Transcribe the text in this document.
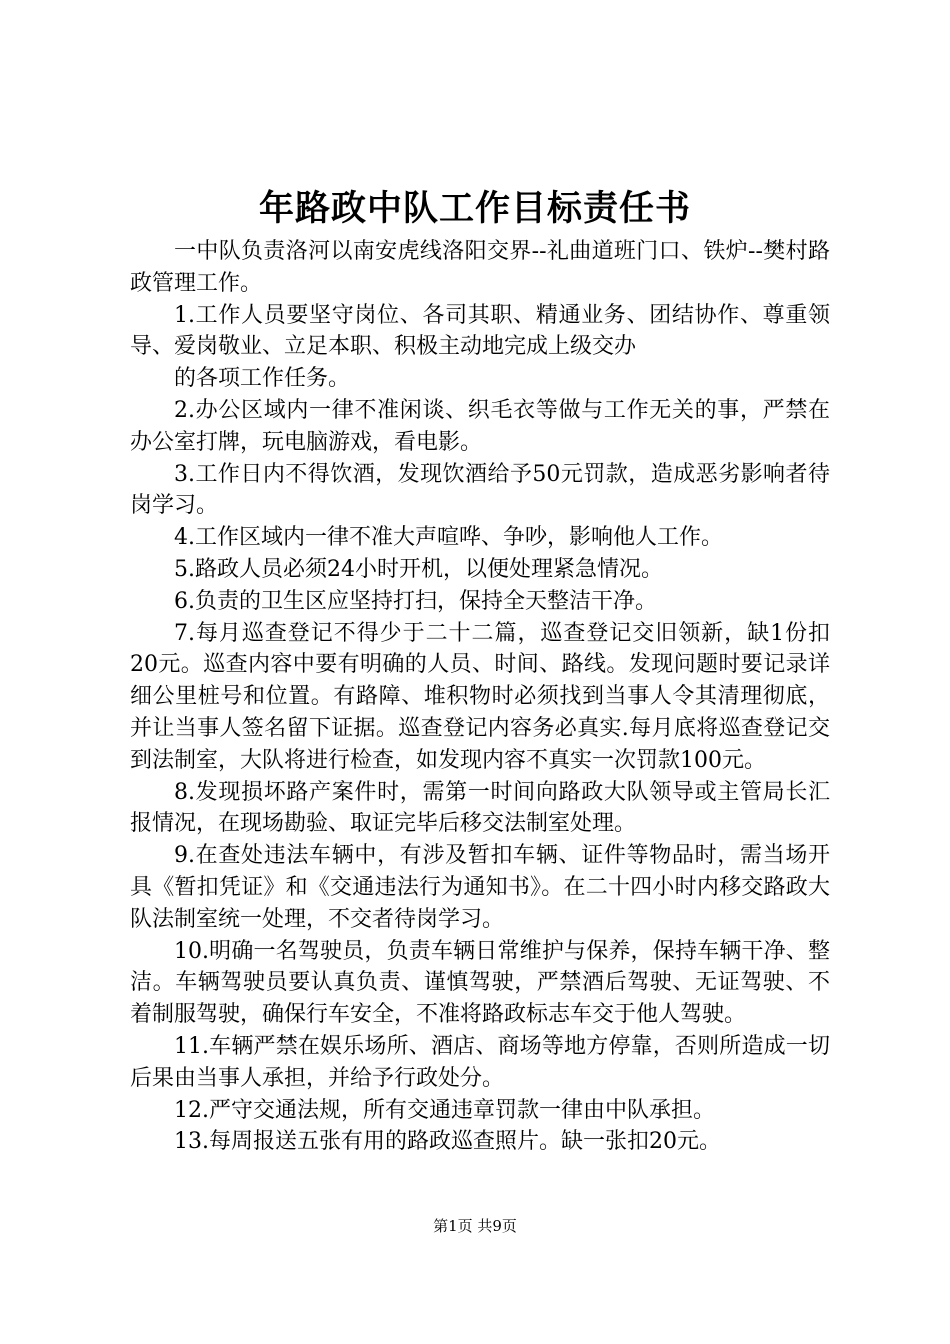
年路政中队工作目标责任书

一中队负责洛河以南安虎线洛阳交界--礼曲道班门口、铁炉--樊村路政管理工作。

1.工作人员要坚守岗位、各司其职、精通业务、团结协作、尊重领导、爱岗敬业、立足本职、积极主动地完成上级交办

的各项工作任务。

2.办公区域内一律不准闲谈、织毛衣等做与工作无关的事，严禁在办公室打牌，玩电脑游戏，看电影。

3.工作日内不得饮酒，发现饮酒给予50元罚款，造成恶劣影响者待岗学习。

4.工作区域内一律不准大声喧哗、争吵，影响他人工作。

5.路政人员必须24小时开机，以便处理紧急情况。

6.负责的卫生区应坚持打扫，保持全天整洁干净。

7.每月巡查登记不得少于二十二篇，巡查登记交旧领新，缺1份扣20元。巡查内容中要有明确的人员、时间、路线。发现问题时要记录详细公里桩号和位置。有路障、堆积物时必须找到当事人令其清理彻底，并让当事人签名留下证据。巡查登记内容务必真实.每月底将巡查登记交到法制室，大队将进行检查，如发现内容不真实一次罚款100元。

8.发现损坏路产案件时，需第一时间向路政大队领导或主管局长汇报情况，在现场勘验、取证完毕后移交法制室处理。

9.在查处违法车辆中，有涉及暂扣车辆、证件等物品时，需当场开具《暂扣凭证》和《交通违法行为通知书》。在二十四小时内移交路政大队法制室统一处理，不交者待岗学习。

10.明确一名驾驶员，负责车辆日常维护与保养，保持车辆干净、整洁。车辆驾驶员要认真负责、谨慎驾驶，严禁酒后驾驶、无证驾驶、不着制服驾驶，确保行车安全，不准将路政标志车交于他人驾驶。

11.车辆严禁在娱乐场所、酒店、商场等地方停靠，否则所造成一切后果由当事人承担，并给予行政处分。

12.严守交通法规，所有交通违章罚款一律由中队承担。

13.每周报送五张有用的路政巡查照片。缺一张扣20元。

第1页 共9页
